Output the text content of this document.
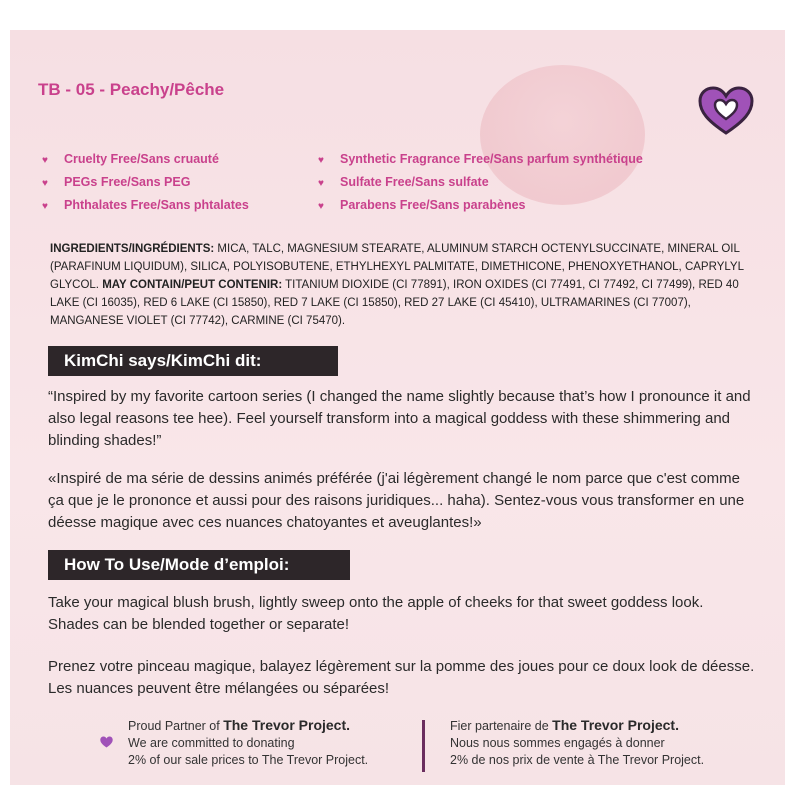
TB - 05 - Peachy/Pêche
♥ Cruelty Free/Sans cruauté
♥ PEGs Free/Sans PEG
♥ Phthalates Free/Sans phtalates
♥ Synthetic Fragrance Free/Sans parfum synthétique
♥ Sulfate Free/Sans sulfate
♥ Parabens Free/Sans parabènes

INGREDIENTS/INGRÉDIENTS: MICA, TALC, MAGNESIUM STEARATE, ALUMINUM STARCH OCTENYLSUCCINATE, MINERAL OIL (PARAFINUM LIQUIDUM), SILICA, POLYISOBUTENE, ETHYLHEXYL PALMITATE, DIMETHICONE, PHENOXYETHANOL, CAPRYLYL GLYCOL. MAY CONTAIN/PEUT CONTENIR: TITANIUM DIOXIDE (CI 77891), IRON OXIDES (CI 77491, CI 77492, CI 77499), RED 40 LAKE (CI 16035), RED 6 LAKE (CI 15850), RED 7 LAKE (CI 15850), RED 27 LAKE (CI 45410), ULTRAMARINES (CI 77007), MANGANESE VIOLET (CI 77742), CARMINE (CI 75470).

KimChi says/KimChi dit:

“Inspired by my favorite cartoon series (I changed the name slightly because that’s how I pronounce it and also legal reasons tee hee). Feel yourself transform into a magical goddess with these shimmering and blinding shades!”

«Inspiré de ma série de dessins animés préférée (j'ai légèrement changé le nom parce que c'est comme ça que je le prononce et aussi pour des raisons juridiques... haha). Sentez-vous vous transformer en une déesse magique avec ces nuances chatoyantes et aveuglantes!»

How To Use/Mode d’emploi:

Take your magical blush brush, lightly sweep onto the apple of cheeks for that sweet goddess look. Shades can be blended together or separate!

Prenez votre pinceau magique, balayez légèrement sur la pomme des joues pour ce doux look de déesse. Les nuances peuvent être mélangées ou séparées!

Proud Partner of The Trevor Project.
We are committed to donating
2% of our sale prices to The Trevor Project.

Fier partenaire de The Trevor Project.
Nous nous sommes engagés à donner
2% de nos prix de vente à The Trevor Project.
